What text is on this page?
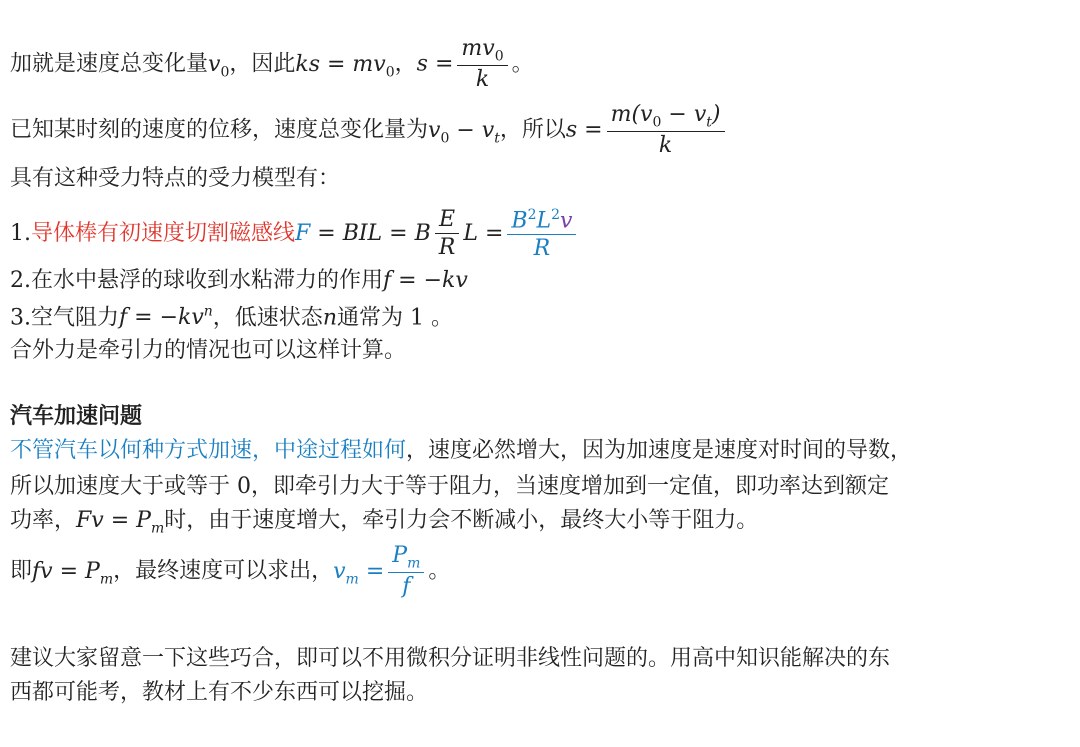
加就是速度总变化量$v_0$，因此ks = $mv_0$，$s = \frac{mv_0}{k}$ 。
已知某时刻的速度的位移，速度总变化量为$v_0 - v_t$，所以$s = \frac{m(v_0 - v_t)}{k}$
具有这种受力特点的受力模型有：
1.导体棒有初速度切割磁感线F = BIL = B $\frac{E}{R}$ $L = \frac{B^2L^2v}{R}$
2.在水中悬浮的球收到水粘滞力的作用f = −kv
3.空气阻力$f = -kv^n$，低速状态n通常为 1 。
合外力是牵引力的情况也可以这样计算。
汽车加速问题
不管汽车以何种方式加速，中途过程如何，速度必然增大，因为加速度是速度对时间的导数，
所以加速度大于或等于 0，即牵引力大于等于阻力，当速度增加到一定值，即功率达到额定
功率，$Fv = P_m$时，由于速度增大，牵引力会不断减小，最终大小等于阻力。
即fv = $P_m$，最终速度可以求出，$v_m = \frac{P_m}{f}$ 。
建议大家留意一下这些巧合，即可以不用微积分证明非线性问题的。用高中知识能解决的东
西都可能考，教材上有不少东西可以挖掘。
